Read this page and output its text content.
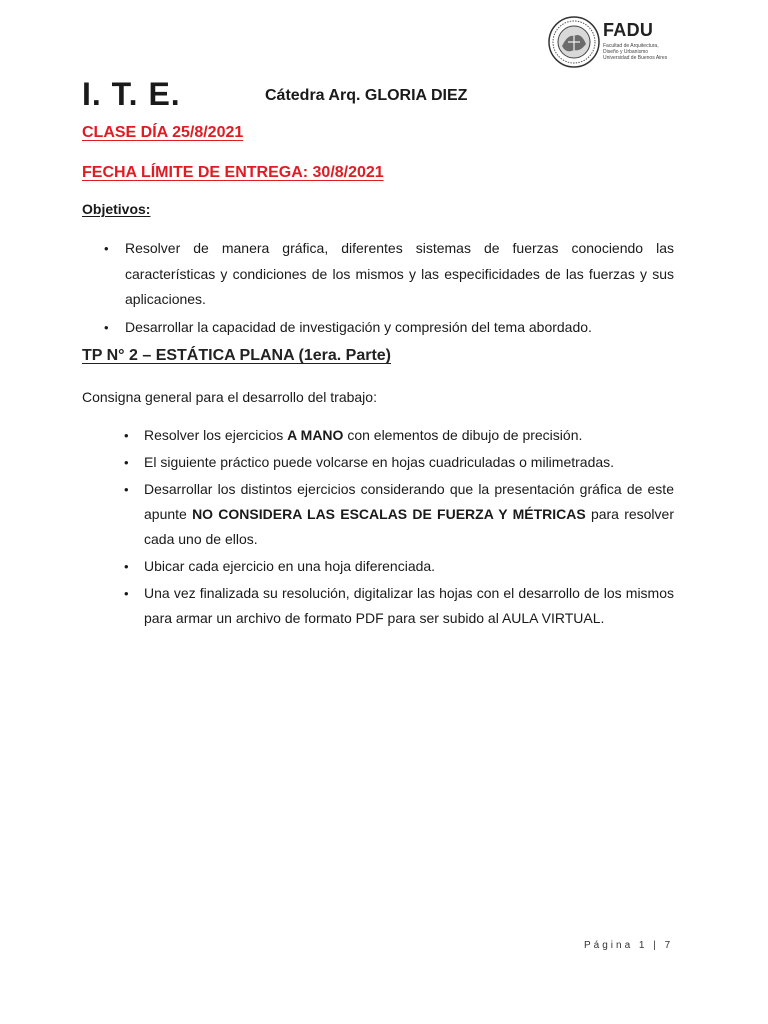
FADU
Facultad de Arquitectura,
Diseño y Urbanismo
Universidad de Buenos Aires
I. T. E.	Cátedra Arq. GLORIA DIEZ
CLASE DÍA 25/8/2021
FECHA LÍMITE DE ENTREGA: 30/8/2021
Objetivos:
• Resolver de manera gráfica, diferentes sistemas de fuerzas conociendo las características y condiciones de los mismos y las especificidades de las fuerzas y sus aplicaciones.
• Desarrollar la capacidad de investigación y compresión del tema abordado.
TP N° 2 – ESTÁTICA PLANA (1era. Parte)
Consigna general para el desarrollo del trabajo:
• Resolver los ejercicios A MANO con elementos de dibujo de precisión.
• El siguiente práctico puede volcarse en hojas cuadriculadas o milimetradas.
• Desarrollar los distintos ejercicios considerando que la presentación gráfica de este apunte NO CONSIDERA LAS ESCALAS DE FUERZA Y MÉTRICAS para resolver cada uno de ellos.
• Ubicar cada ejercicio en una hoja diferenciada.
• Una vez finalizada su resolución, digitalizar las hojas con el desarrollo de los mismos para armar un archivo de formato PDF para ser subido al AULA VIRTUAL.
Página 1 | 7
